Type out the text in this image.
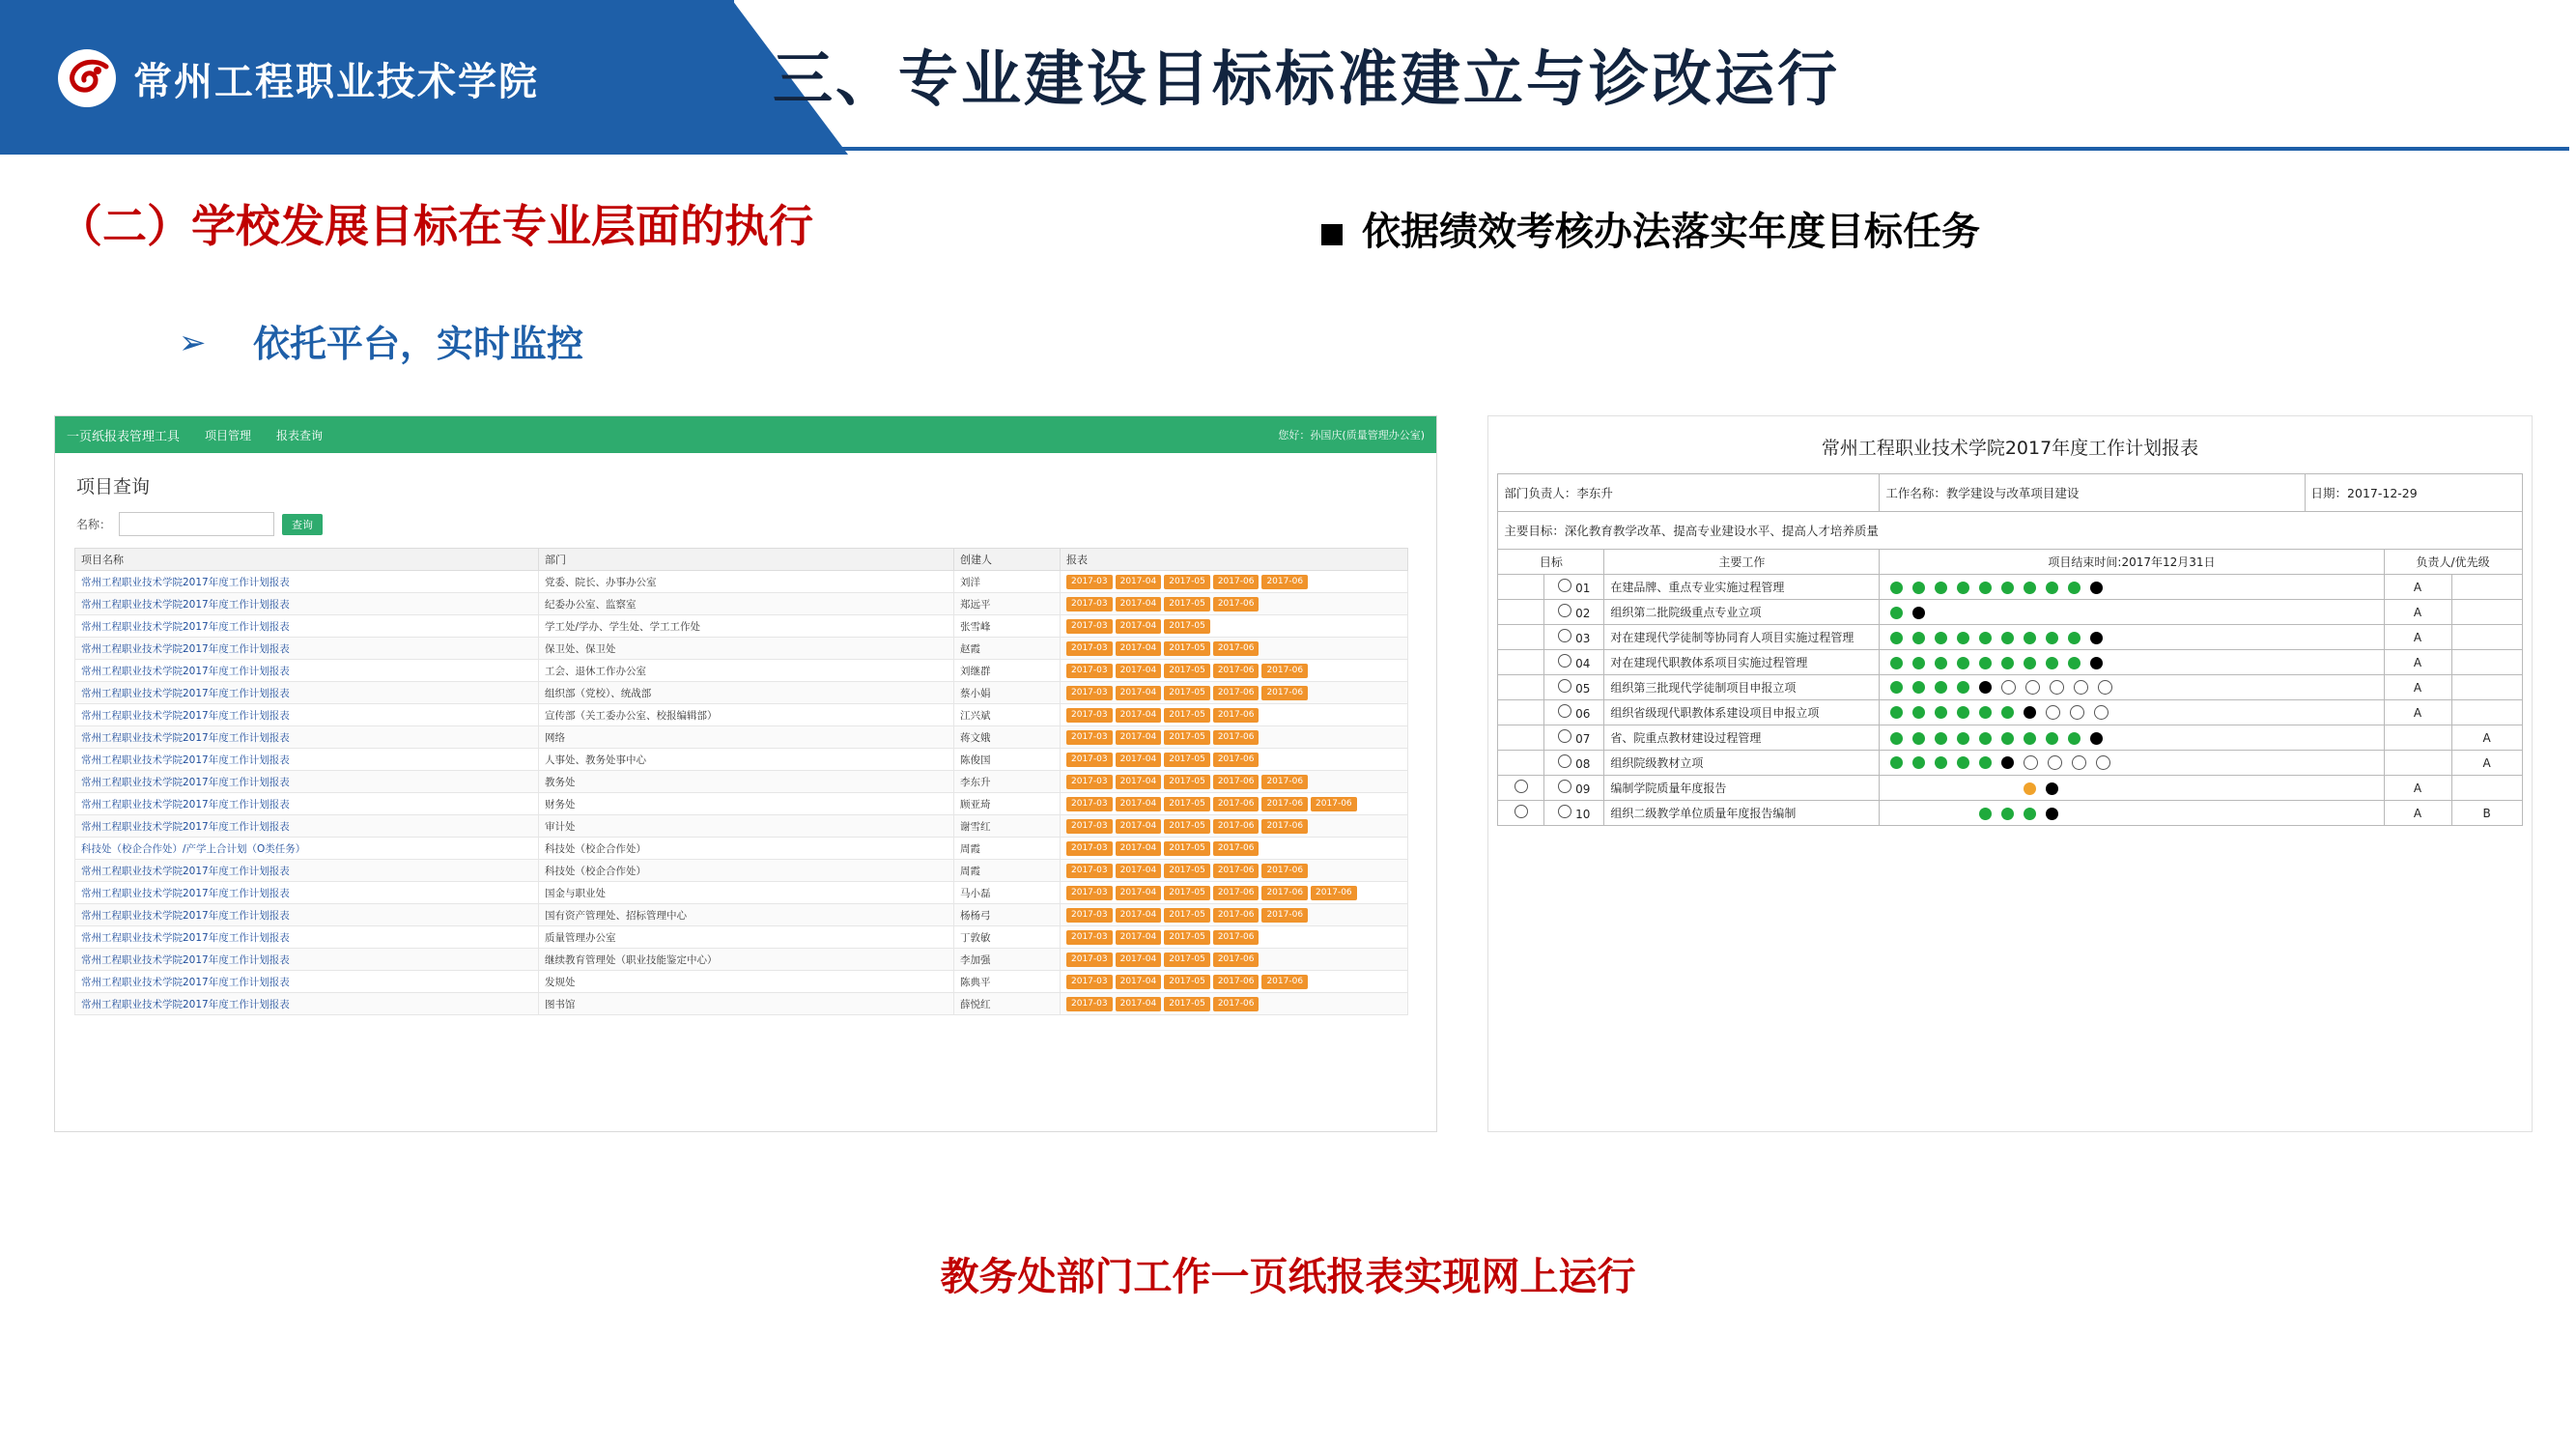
常州工程职业技术学院	三、专业建设目标标准建立与诊改运行
（二）学校发展目标在专业层面的执行	依据绩效考核办法落实年度目标任务
➢ 依托平台，实时监控
一页纸报表管理工具 项目管理 报表查询	您好：孙国庆(质量管理办公室)
项目查询
名称：	查询
项目名称	部门	创建人	报表
常州工程职业技术学院2017年度工作计划报表	党委、院长、办事办公室	刘洋	2017-03 2017-04 2017-05 2017-06 2017-06
常州工程职业技术学院2017年度工作计划报表	纪委办公室、监察室	郑远平	2017-03 2017-04 2017-05 2017-06
常州工程职业技术学院2017年度工作计划报表	学工处/学办、学生处、学工工作处	张雪峰	2017-03 2017-04 2017-05
常州工程职业技术学院2017年度工作计划报表	保卫处、保卫处	赵霞	2017-03 2017-04 2017-05 2017-06
常州工程职业技术学院2017年度工作计划报表	工会、退休工作办公室	刘继群	2017-03 2017-04 2017-05 2017-06 2017-06
常州工程职业技术学院2017年度工作计划报表	组织部（党校）、统战部	蔡小娟	2017-03 2017-04 2017-05 2017-06 2017-06
常州工程职业技术学院2017年度工作计划报表	宣传部（关工委办公室、校报编辑部）	江兴斌	2017-03 2017-04 2017-05 2017-06
常州工程职业技术学院2017年度工作计划报表	网络	蒋文娥	2017-03 2017-04 2017-05 2017-06
常州工程职业技术学院2017年度工作计划报表	人事处、教务处事中心	陈俊国	2017-03 2017-04 2017-05 2017-06
常州工程职业技术学院2017年度工作计划报表	教务处	李东升	2017-03 2017-04 2017-05 2017-06 2017-06
常州工程职业技术学院2017年度工作计划报表	财务处	顾亚琦	2017-03 2017-04 2017-05 2017-06 2017-06 2017-06
常州工程职业技术学院2017年度工作计划报表	审计处	谢雪红	2017-03 2017-04 2017-05 2017-06 2017-06
科技处（校企合作处）/产学上合计划（O类任务）	科技处（校企合作处）	周霞	2017-03 2017-04 2017-05 2017-06
常州工程职业技术学院2017年度工作计划报表	科技处（校企合作处）	周霞	2017-03 2017-04 2017-05 2017-06 2017-06
常州工程职业技术学院2017年度工作计划报表	国金与职业处	马小磊	2017-03 2017-04 2017-05 2017-06 2017-06 2017-06
常州工程职业技术学院2017年度工作计划报表	国有资产管理处、招标管理中心	杨杨弓	2017-03 2017-04 2017-05 2017-06 2017-06
常州工程职业技术学院2017年度工作计划报表	质量管理办公室	丁敦敏	2017-03 2017-04 2017-05 2017-06
常州工程职业技术学院2017年度工作计划报表	继续教育管理处（职业技能鉴定中心）	李加强	2017-03 2017-04 2017-05 2017-06
常州工程职业技术学院2017年度工作计划报表	发规处	陈典平	2017-03 2017-04 2017-05 2017-06 2017-06
常州工程职业技术学院2017年度工作计划报表	图书馆	薛悦红	2017-03 2017-04 2017-05 2017-06
常州工程职业技术学院2017年度工作计划报表
部门负责人：李东升			工作名称：教学建设与改革项目建设	日期：2017-12-29		
主要目标：深化教育教学改革、提高专业建设水平、提高人才培养质量						
目标		主要工作	项目结束时间:2017年12月31日		负责人/优先级	
	01	在建品牌、重点专业实施过程管理			A	
	02	组织第二批院级重点专业立项			A	
	03	对在建现代学徒制等协同育人项目实施过程管理			A	
	04	对在建现代职教体系项目实施过程管理			A	
	05	组织第三批现代学徒制项目申报立项			A	
	06	组织省级现代职教体系建设项目申报立项			A	
	07	省、院重点教材建设过程管理				A
	08	组织院级教材立项				A
	09	编制学院质量年度报告			A	
	10	组织二级教学单位质量年度报告编制			A	B
教务处部门工作一页纸报表实现网上运行
